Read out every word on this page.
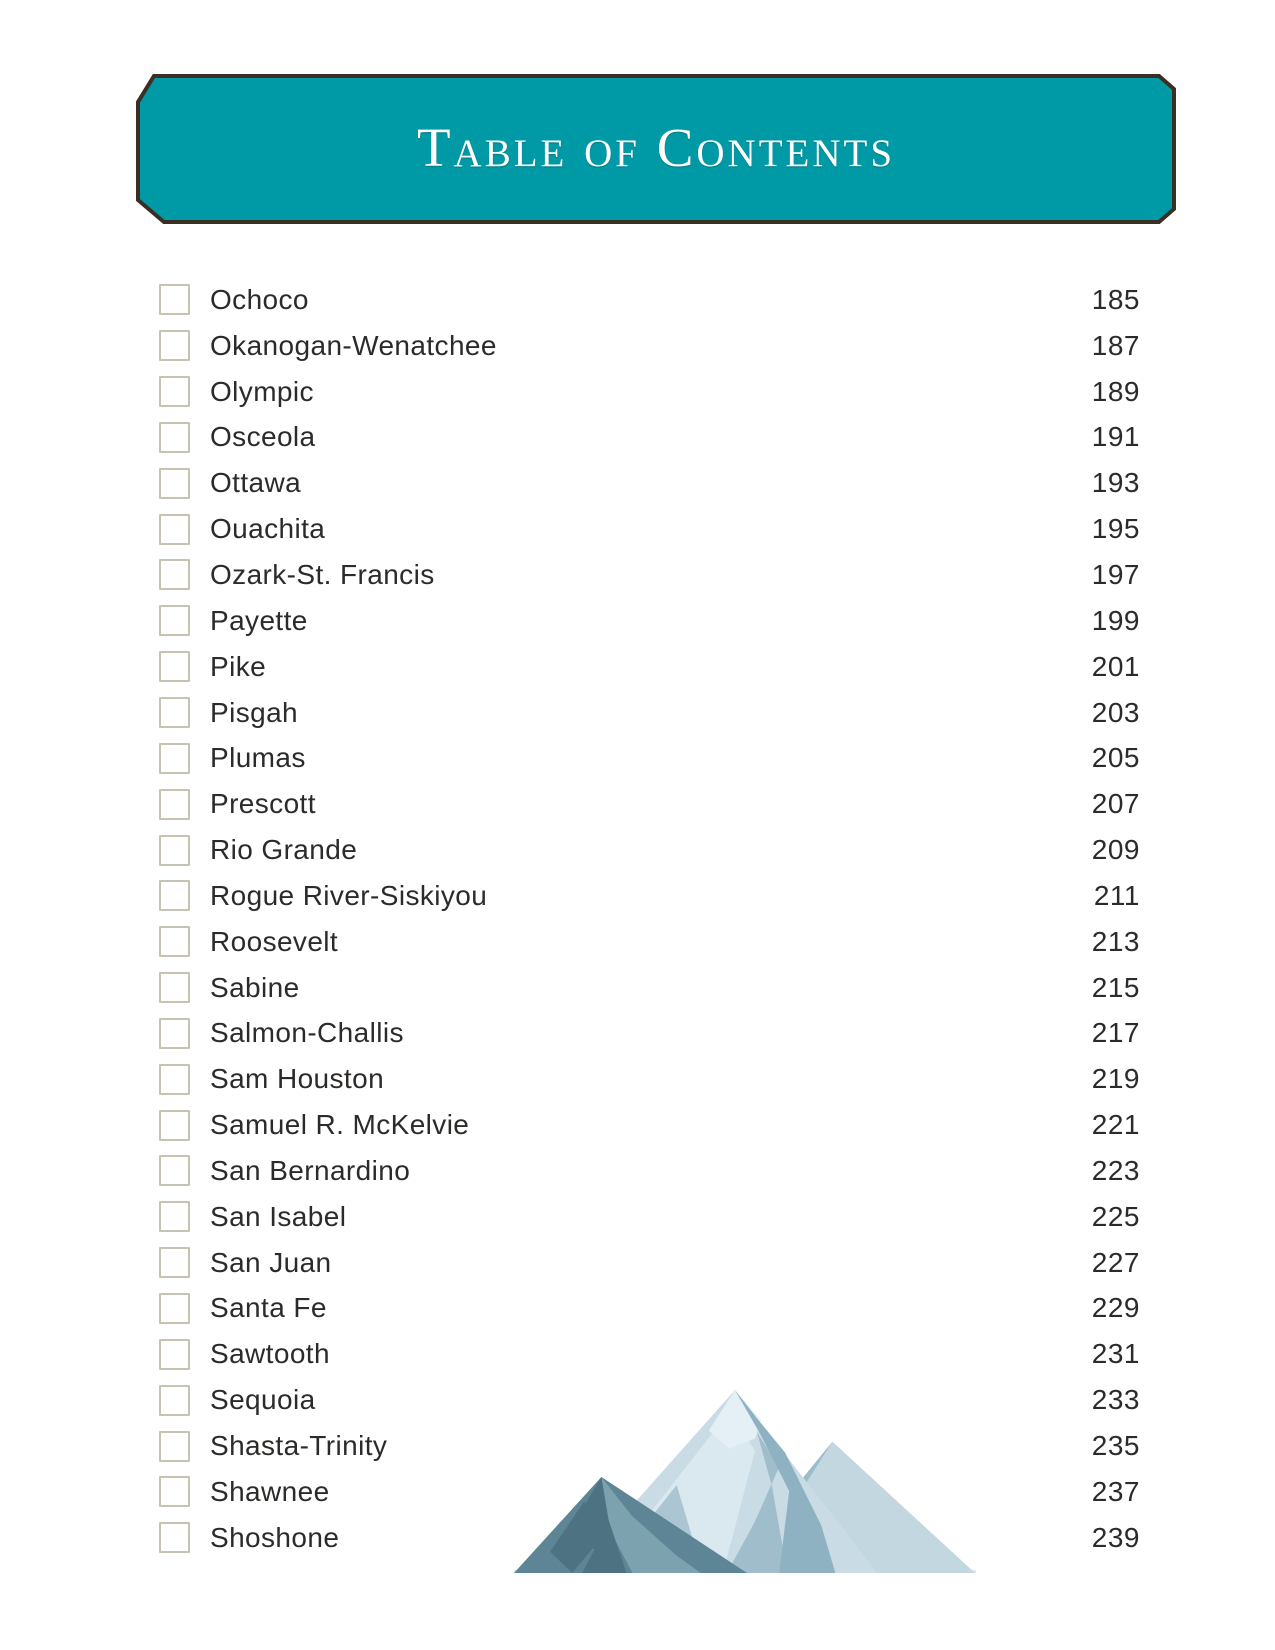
Table of Contents
Ochoco	185
Okanogan-Wenatchee	187
Olympic	189
Osceola	191
Ottawa	193
Ouachita	195
Ozark-St. Francis	197
Payette	199
Pike	201
Pisgah	203
Plumas	205
Prescott	207
Rio Grande	209
Rogue River-Siskiyou	211
Roosevelt	213
Sabine	215
Salmon-Challis	217
Sam Houston	219
Samuel R. McKelvie	221
San Bernardino	223
San Isabel	225
San Juan	227
Santa Fe	229
Sawtooth	231
Sequoia	233
Shasta-Trinity	235
Shawnee	237
Shoshone	239
